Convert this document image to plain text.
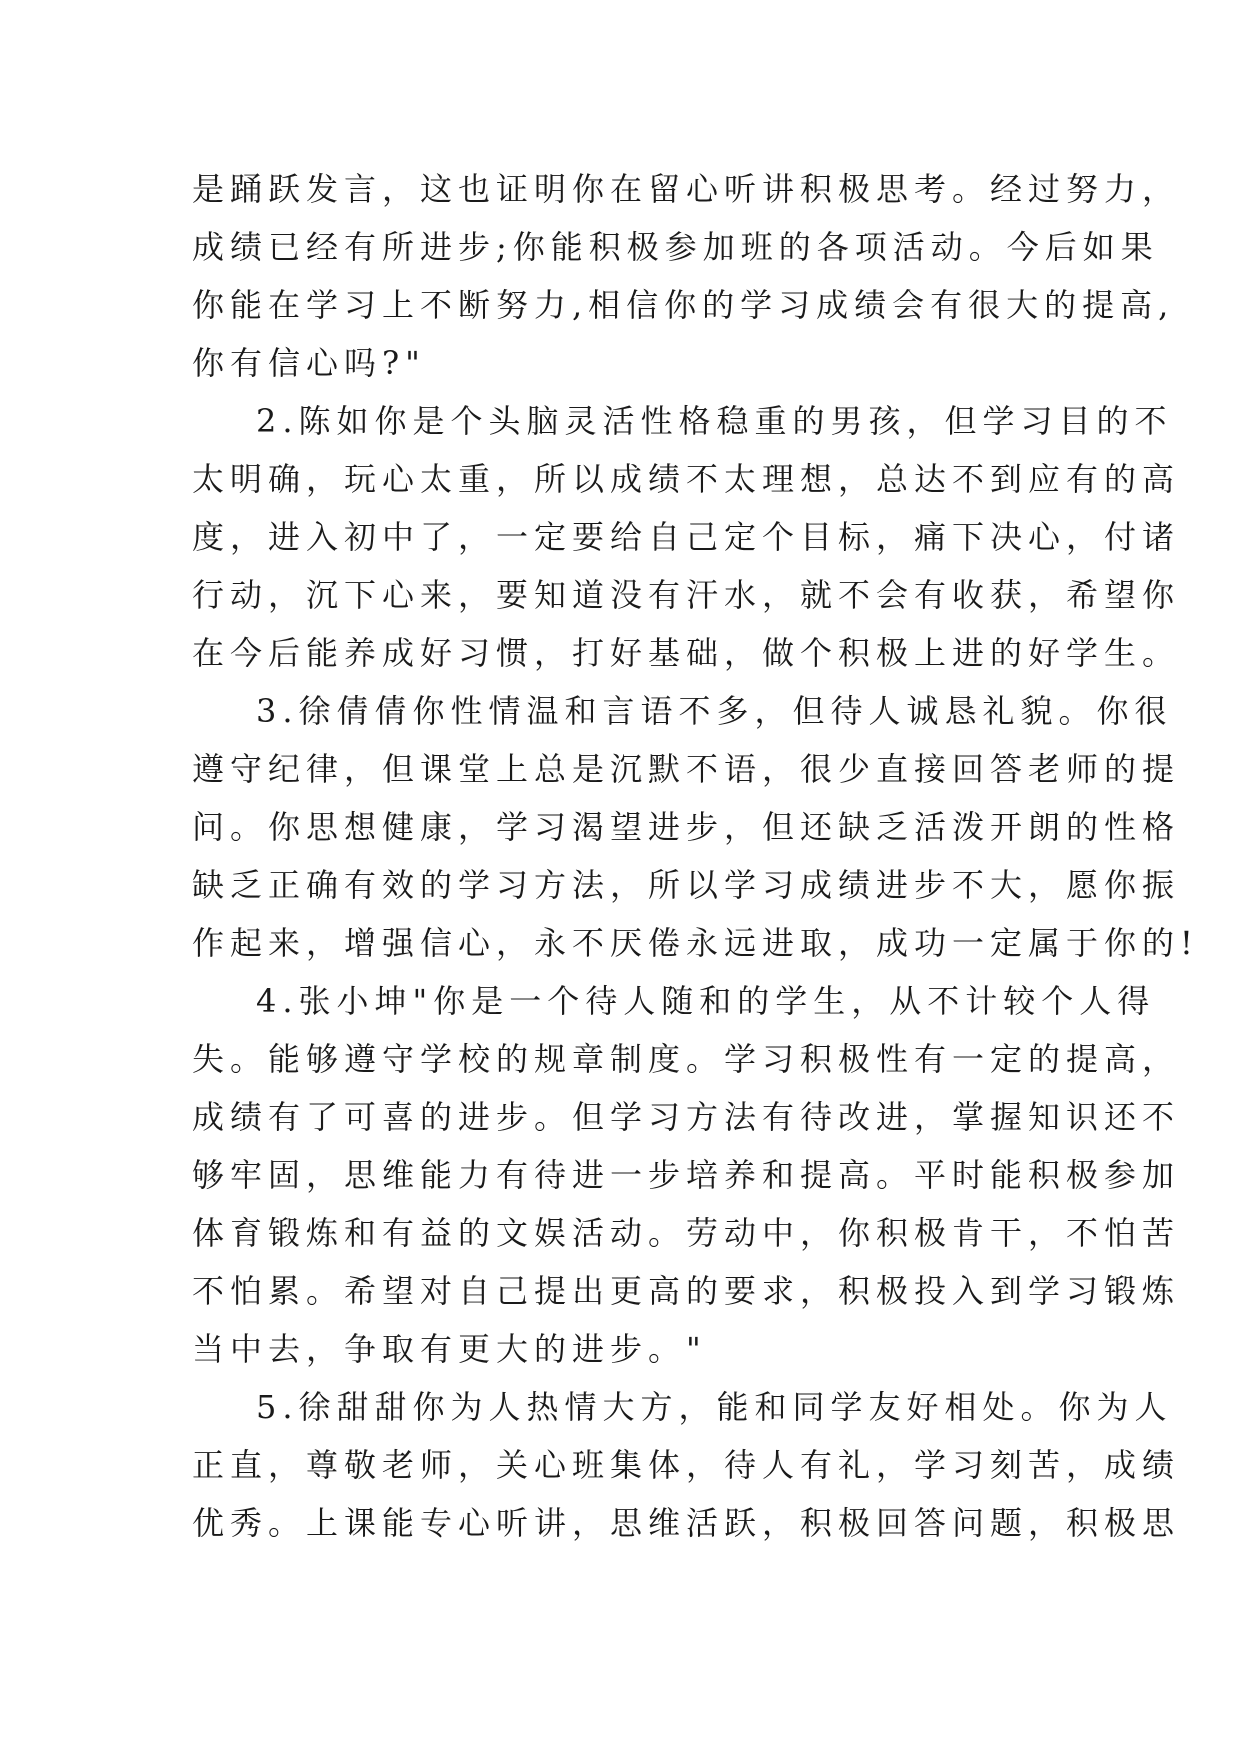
是踊跃发言，这也证明你在留心听讲积极思考。经过努力，
成绩已经有所进步;你能积极参加班的各项活动。今后如果
你能在学习上不断努力,相信你的学习成绩会有很大的提高,
你有信心吗?"
2.陈如你是个头脑灵活性格稳重的男孩，但学习目的不
太明确，玩心太重，所以成绩不太理想，总达不到应有的高
度，进入初中了，一定要给自己定个目标，痛下决心，付诸
行动，沉下心来，要知道没有汗水，就不会有收获，希望你
在今后能养成好习惯，打好基础，做个积极上进的好学生。
3.徐倩倩你性情温和言语不多，但待人诚恳礼貌。你很
遵守纪律，但课堂上总是沉默不语，很少直接回答老师的提
问。你思想健康，学习渴望进步，但还缺乏活泼开朗的性格
缺乏正确有效的学习方法，所以学习成绩进步不大，愿你振
作起来，增强信心，永不厌倦永远进取，成功一定属于你的!
4.张小坤"你是一个待人随和的学生，从不计较个人得
失。能够遵守学校的规章制度。学习积极性有一定的提高，
成绩有了可喜的进步。但学习方法有待改进，掌握知识还不
够牢固，思维能力有待进一步培养和提高。平时能积极参加
体育锻炼和有益的文娱活动。劳动中，你积极肯干，不怕苦
不怕累。希望对自己提出更高的要求，积极投入到学习锻炼
当中去，争取有更大的进步。"
5.徐甜甜你为人热情大方，能和同学友好相处。你为人
正直，尊敬老师，关心班集体，待人有礼，学习刻苦，成绩
优秀。上课能专心听讲，思维活跃，积极回答问题，积极思
